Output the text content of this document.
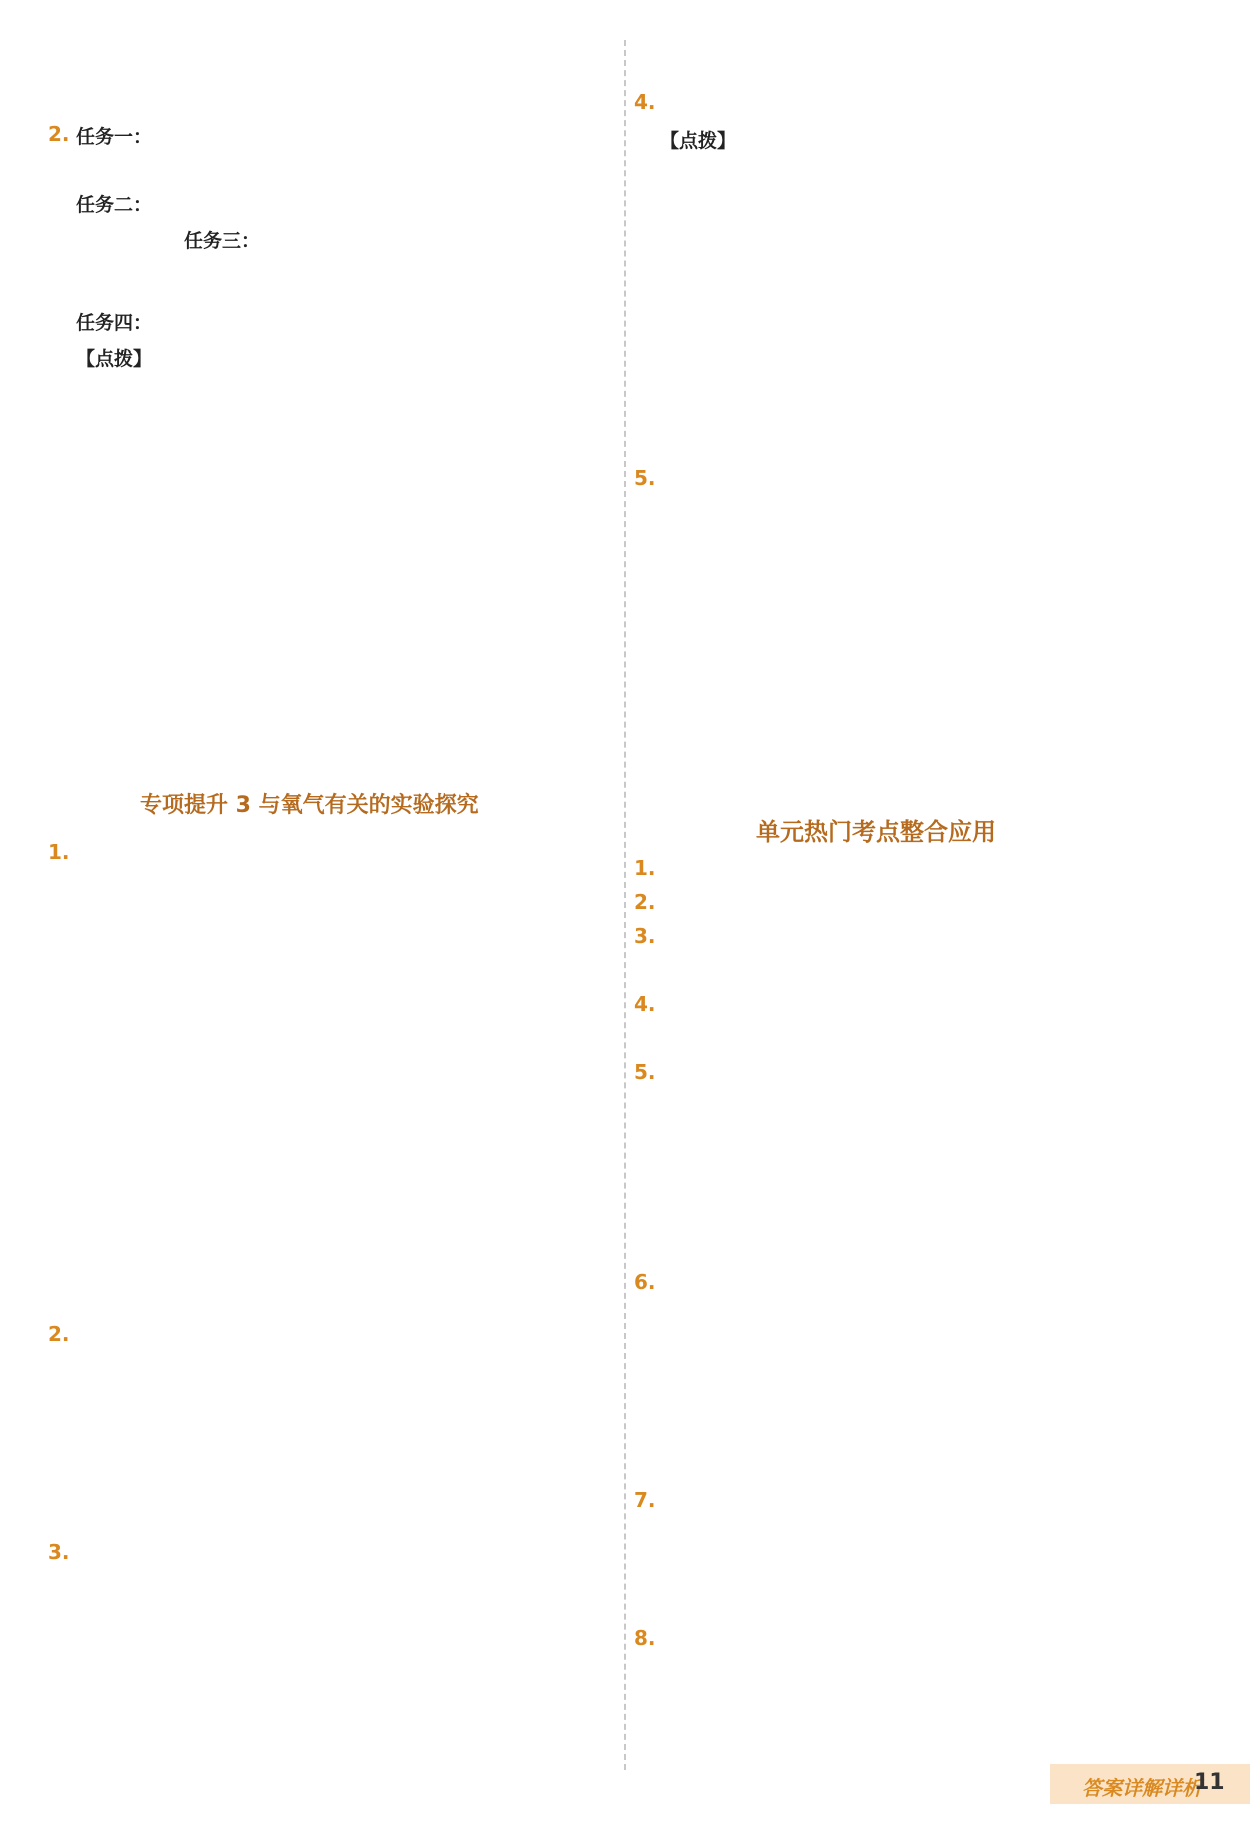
2.
1.
2.
3.
任务一：
任务二：
任务三：
任务四：
【点拨】
专项提升 3 与氧气有关的实验探究
4.
5.
单元热门考点整合应用
1.
2.
3.
4.
5.
6.
7.
8.
【点拨】
答案详解详析
11
